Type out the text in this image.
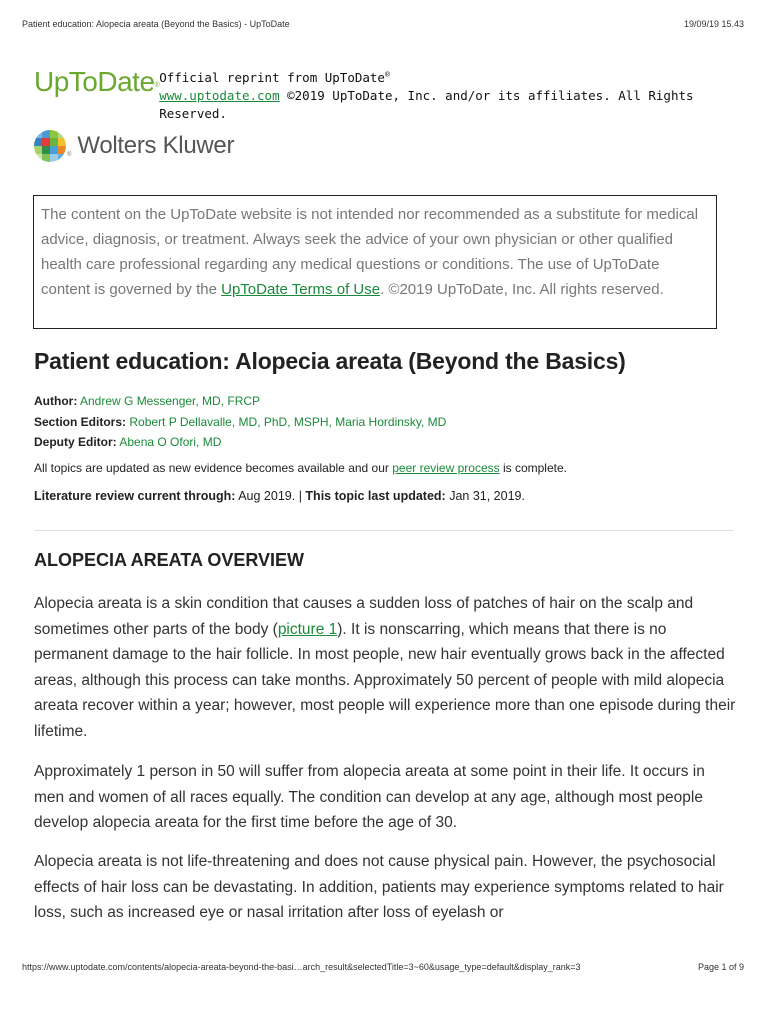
Patient education: Alopecia areata (Beyond the Basics) - UpToDate	19/09/19 15.43
UpToDate®
Official reprint from UpToDate®
www.uptodate.com ©2019 UpToDate, Inc. and/or its affiliates. All Rights Reserved.
® Wolters Kluwer
The content on the UpToDate website is not intended nor recommended as a substitute for medical advice, diagnosis, or treatment. Always seek the advice of your own physician or other qualified health care professional regarding any medical questions or conditions. The use of UpToDate content is governed by the UpToDate Terms of Use. ©2019 UpToDate, Inc. All rights reserved.
Patient education: Alopecia areata (Beyond the Basics)
Author: Andrew G Messenger, MD, FRCP
Section Editors: Robert P Dellavalle, MD, PhD, MSPH, Maria Hordinsky, MD
Deputy Editor: Abena O Ofori, MD
All topics are updated as new evidence becomes available and our peer review process is complete.
Literature review current through: Aug 2019. | This topic last updated: Jan 31, 2019.
ALOPECIA AREATA OVERVIEW

Alopecia areata is a skin condition that causes a sudden loss of patches of hair on the scalp and sometimes other parts of the body (picture 1). It is nonscarring, which means that there is no permanent damage to the hair follicle. In most people, new hair eventually grows back in the affected areas, although this process can take months. Approximately 50 percent of people with mild alopecia areata recover within a year; however, most people will experience more than one episode during their lifetime.

Approximately 1 person in 50 will suffer from alopecia areata at some point in their life. It occurs in men and women of all races equally. The condition can develop at any age, although most people develop alopecia areata for the first time before the age of 30.

Alopecia areata is not life-threatening and does not cause physical pain. However, the psychosocial effects of hair loss can be devastating. In addition, patients may experience symptoms related to hair loss, such as increased eye or nasal irritation after loss of eyelash or

https://www.uptodate.com/contents/alopecia-areata-beyond-the-basi…arch_result&selectedTitle=3~60&usage_type=default&display_rank=3	Page 1 of 9
